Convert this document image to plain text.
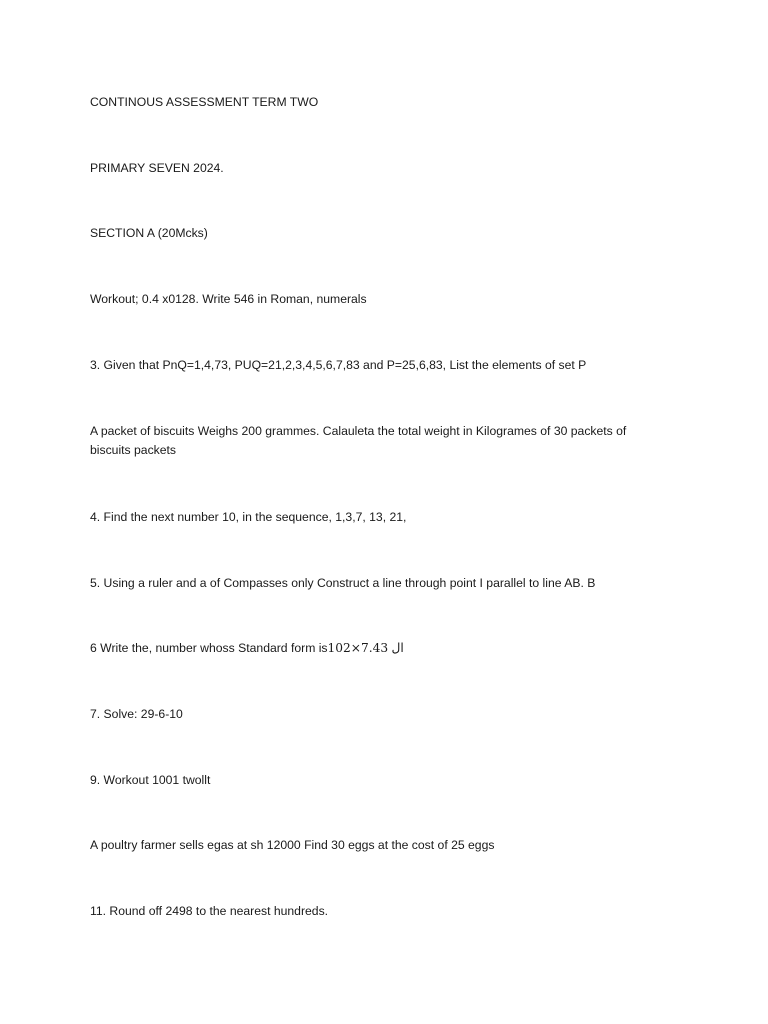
CONTINOUS ASSESSMENT TERM TWO

PRIMARY SEVEN 2024.

SECTION A (20Mcks)

Workout; 0.4 x0128. Write 546 in Roman, numerals

3. Given that PnQ=1,4,73, PUQ=21,2,3,4,5,6,7,83 and P=25,6,83, List the elements of set P

A packet of biscuits Weighs 200 grammes. Calauleta the total weight in Kilogrames of 30 packets of biscuits packets

4. Find the next number 10, in the sequence, 1,3,7, 13, 21,

5. Using a ruler and a of Compasses only Construct a line through point I parallel to line AB. B

6 Write the, number whoss Standard form is102×7.43 ال

7. Solve: 29-6-10

9. Workout 1001 twollt

A poultry farmer sells egas at sh 12000 Find 30 eggs at the cost of 25 eggs

11. Round off 2498 to the nearest hundreds.
